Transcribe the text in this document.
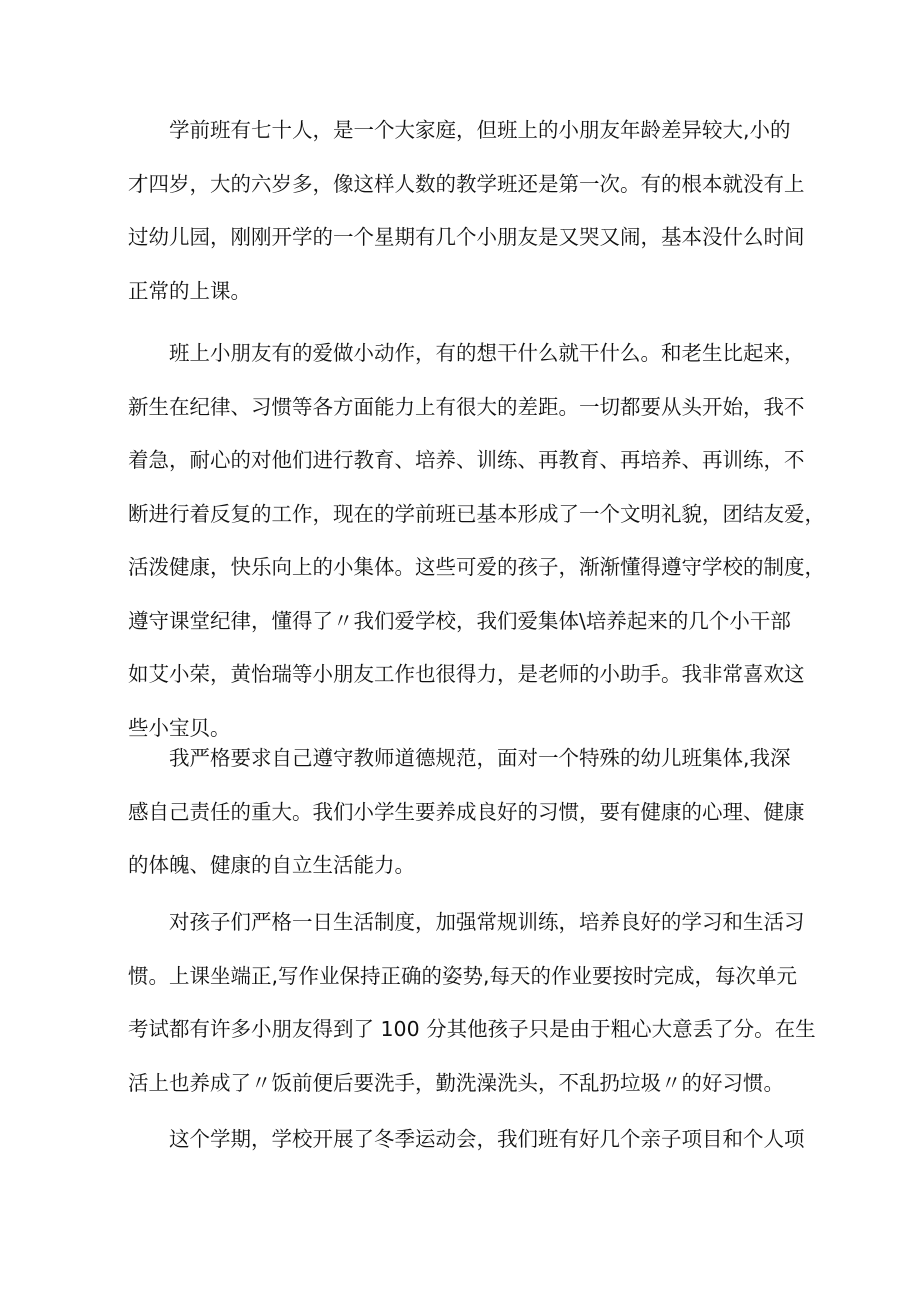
　　学前班有七十人，是一个大家庭，但班上的小朋友年龄差异较大,小的
才四岁，大的六岁多，像这样人数的教学班还是第一次。有的根本就没有上
过幼儿园，刚刚开学的一个星期有几个小朋友是又哭又闹，基本没什么时间
正常的上课。
　　班上小朋友有的爱做小动作，有的想干什么就干什么。和老生比起来，
新生在纪律、习惯等各方面能力上有很大的差距。一切都要从头开始，我不
着急，耐心的对他们进行教育、培养、训练、再教育、再培养、再训练，不
断进行着反复的工作，现在的学前班已基本形成了一个文明礼貌，团结友爱，
活泼健康，快乐向上的小集体。这些可爱的孩子，渐渐懂得遵守学校的制度，
遵守课堂纪律，懂得了〃我们爱学校，我们爱集体\培养起来的几个小干部
如艾小荣，黄怡瑞等小朋友工作也很得力，是老师的小助手。我非常喜欢这
些小宝贝。
　　我严格要求自己遵守教师道德规范，面对一个特殊的幼儿班集体,我深
感自己责任的重大。我们小学生要养成良好的习惯，要有健康的心理、健康
的体魄、健康的自立生活能力。
　　对孩子们严格一日生活制度，加强常规训练，培养良好的学习和生活习
惯。上课坐端正,写作业保持正确的姿势,每天的作业要按时完成，每次单元
考试都有许多小朋友得到了 100 分其他孩子只是由于粗心大意丢了分。在生
活上也养成了〃饭前便后要洗手，勤洗澡洗头，不乱扔垃圾〃的好习惯。
　　这个学期，学校开展了冬季运动会，我们班有好几个亲子项目和个人项
